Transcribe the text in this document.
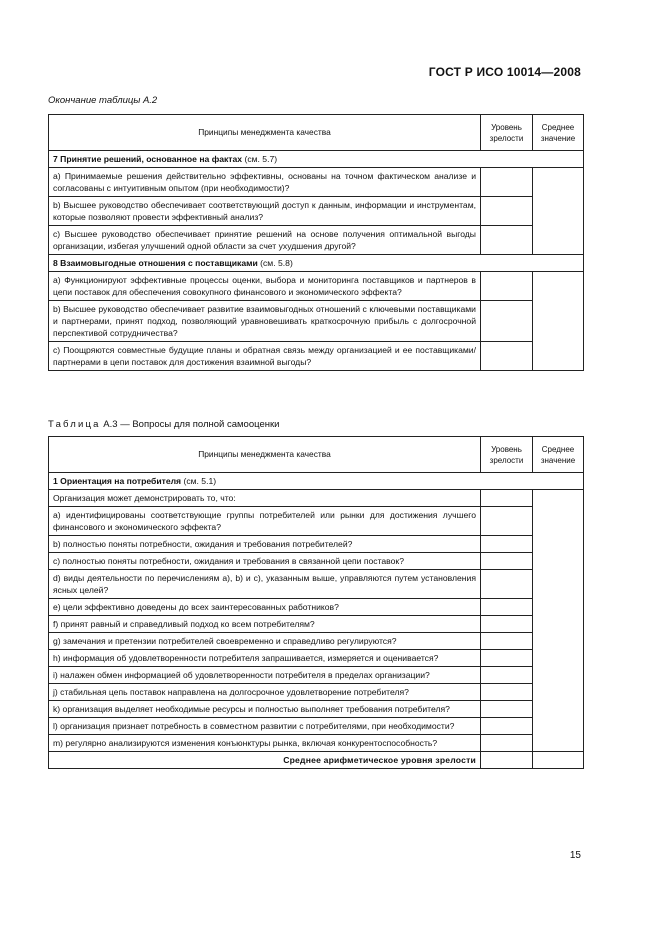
ГОСТ Р ИСО 10014—2008
Окончание таблицы А.2
Принципы менеджмента качества	Уровень зрелости	Среднее значение
7 Принятие решений, основанное на фактах (см. 5.7)		
a) Принимаемые решения действительно эффективны, основаны на точном фактическом анализе и согласованы с интуитивным опытом (при необходимости)?		
b) Высшее руководство обеспечивает соответствующий доступ к данным, информации и инструментам, которые позволяют провести эффективный анализ?		
c) Высшее руководство обеспечивает принятие решений на основе получения оптимальной выгоды организации, избегая улучшений одной области за счет ухудшения другой?		
8 Взаимовыгодные отношения с поставщиками (см. 5.8)		
a) Функционируют эффективные процессы оценки, выбора и мониторинга поставщиков и партнеров в цепи поставок для обеспечения совокупного финансового и экономического эффекта?		
b) Высшее руководство обеспечивает развитие взаимовыгодных отношений с ключевыми поставщиками и партнерами, принят подход, позволяющий уравновешивать краткосрочную прибыль с долгосрочной перспективой сотрудничества?		
c) Поощряются совместные будущие планы и обратная связь между организацией и ее поставщиками/партнерами в цепи поставок для достижения взаимной выгоды?		
Таблица А.3 — Вопросы для полной самооценки
Принципы менеджмента качества	Уровень зрелости	Среднее значение
1 Ориентация на потребителя (см. 5.1)		
Организация может демонстрировать то, что:		
a) идентифицированы соответствующие группы потребителей или рынки для достижения лучшего финансового и экономического эффекта?		
b) полностью поняты потребности, ожидания и требования потребителей?		
c) полностью поняты потребности, ожидания и требования в связанной цепи поставок?		
d) виды деятельности по перечислениям а), b) и с), указанным выше, управляются путем установления ясных целей?		
e) цели эффективно доведены до всех заинтересованных работников?		
f) принят равный и справедливый подход ко всем потребителям?		
g) замечания и претензии потребителей своевременно и справедливо регулируются?		
h) информация об удовлетворенности потребителя запрашивается, измеряется и оценивается?		
i) налажен обмен информацией об удовлетворенности потребителя в пределах организации?		
j) стабильная цепь поставок направлена на долгосрочное удовлетворение потребителя?		
k) организация выделяет необходимые ресурсы и полностью выполняет требования потребителя?		
l) организация признает потребность в совместном развитии с потребителями, при необходимости?		
m) регулярно анализируются изменения конъюнктуры рынка, включая конкурентоспособность?		
Среднее арифметическое уровня зрелости		
15
